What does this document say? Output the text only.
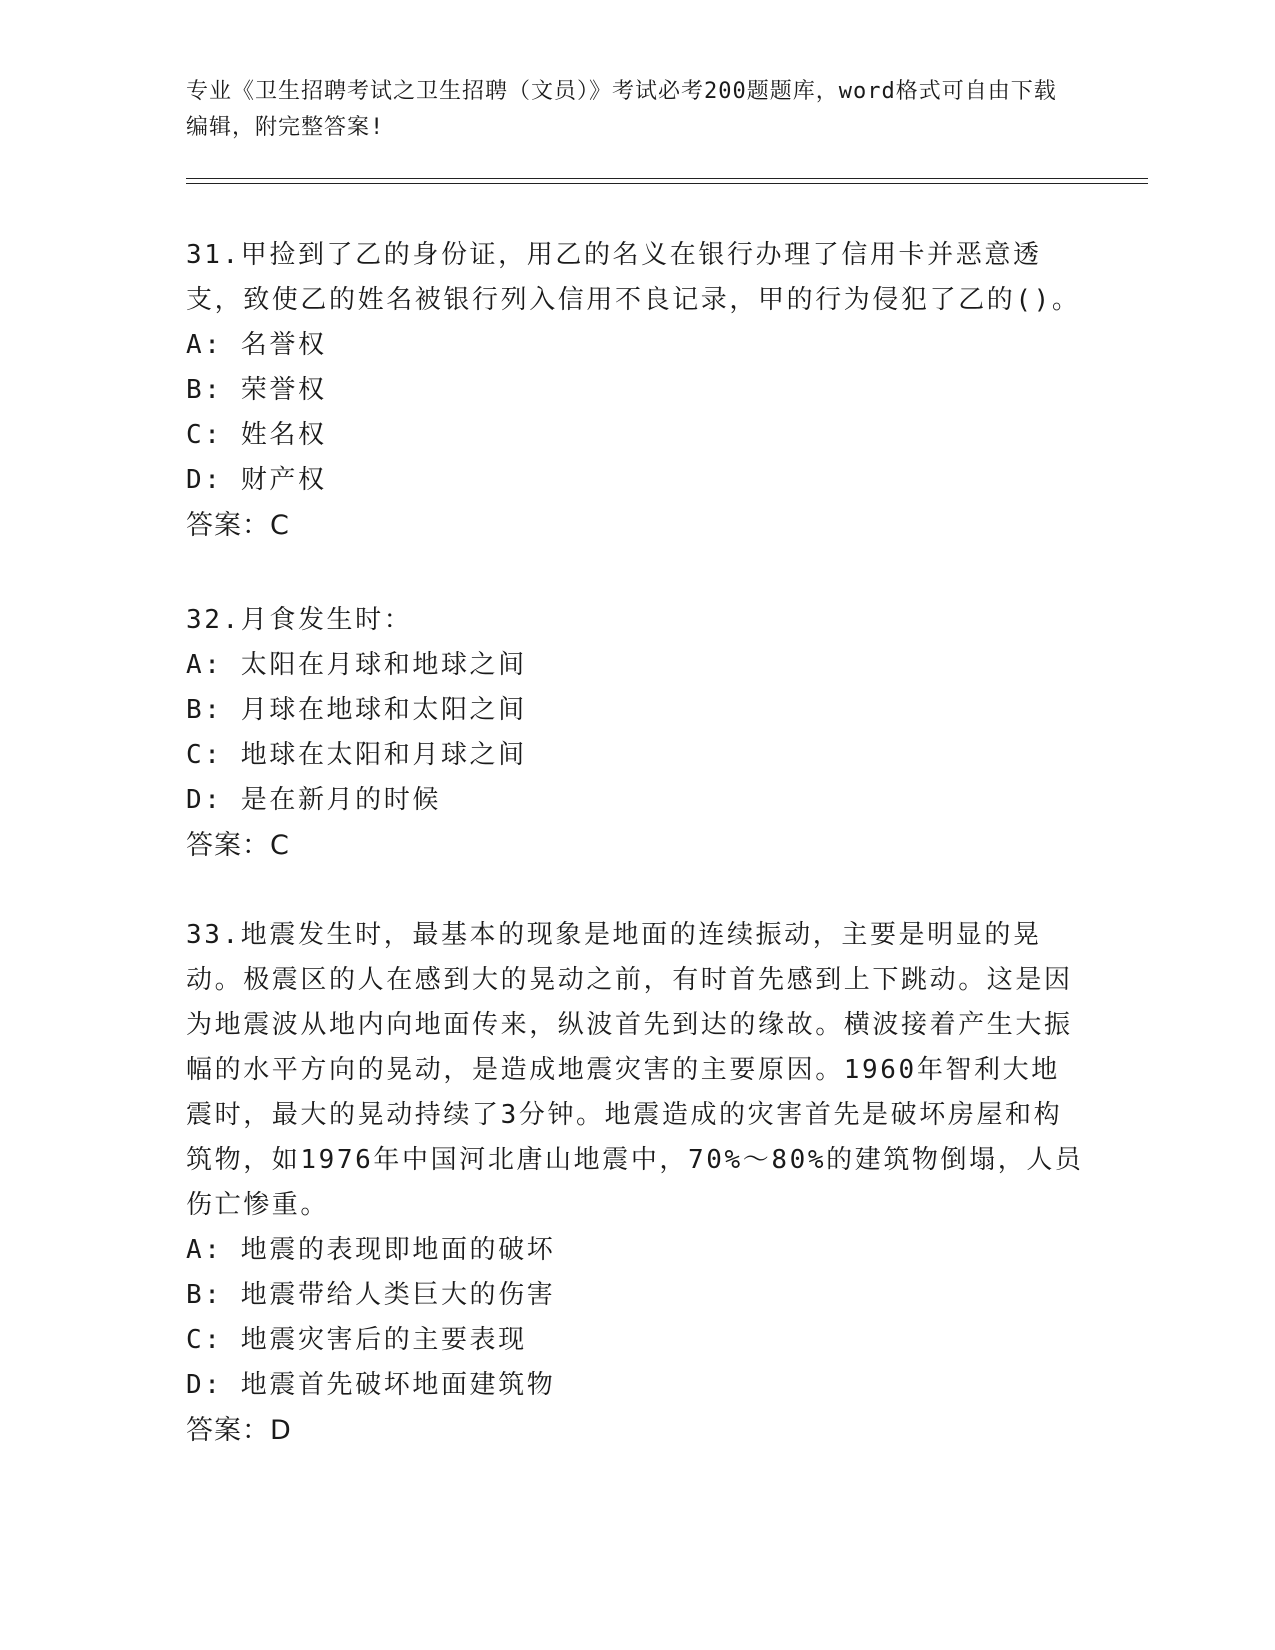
专业《卫生招聘考试之卫生招聘（文员）》考试必考200题题库，word格式可自由下载编辑，附完整答案!

31.甲捡到了乙的身份证，用乙的名义在银行办理了信用卡并恶意透支，致使乙的姓名被银行列入信用不良记录，甲的行为侵犯了乙的()。

A: 名誉权

B: 荣誉权

C: 姓名权

D: 财产权

答案：C

32.月食发生时：

A: 太阳在月球和地球之间

B: 月球在地球和太阳之间

C: 地球在太阳和月球之间

D: 是在新月的时候

答案：C

33.地震发生时，最基本的现象是地面的连续振动，主要是明显的晃动。极震区的人在感到大的晃动之前，有时首先感到上下跳动。这是因为地震波从地内向地面传来，纵波首先到达的缘故。横波接着产生大振幅的水平方向的晃动，是造成地震灾害的主要原因。1960年智利大地震时，最大的晃动持续了3分钟。地震造成的灾害首先是破坏房屋和构筑物，如1976年中国河北唐山地震中，70%～80%的建筑物倒塌，人员伤亡惨重。

A: 地震的表现即地面的破坏

B: 地震带给人类巨大的伤害

C: 地震灾害后的主要表现

D: 地震首先破坏地面建筑物

答案：D
